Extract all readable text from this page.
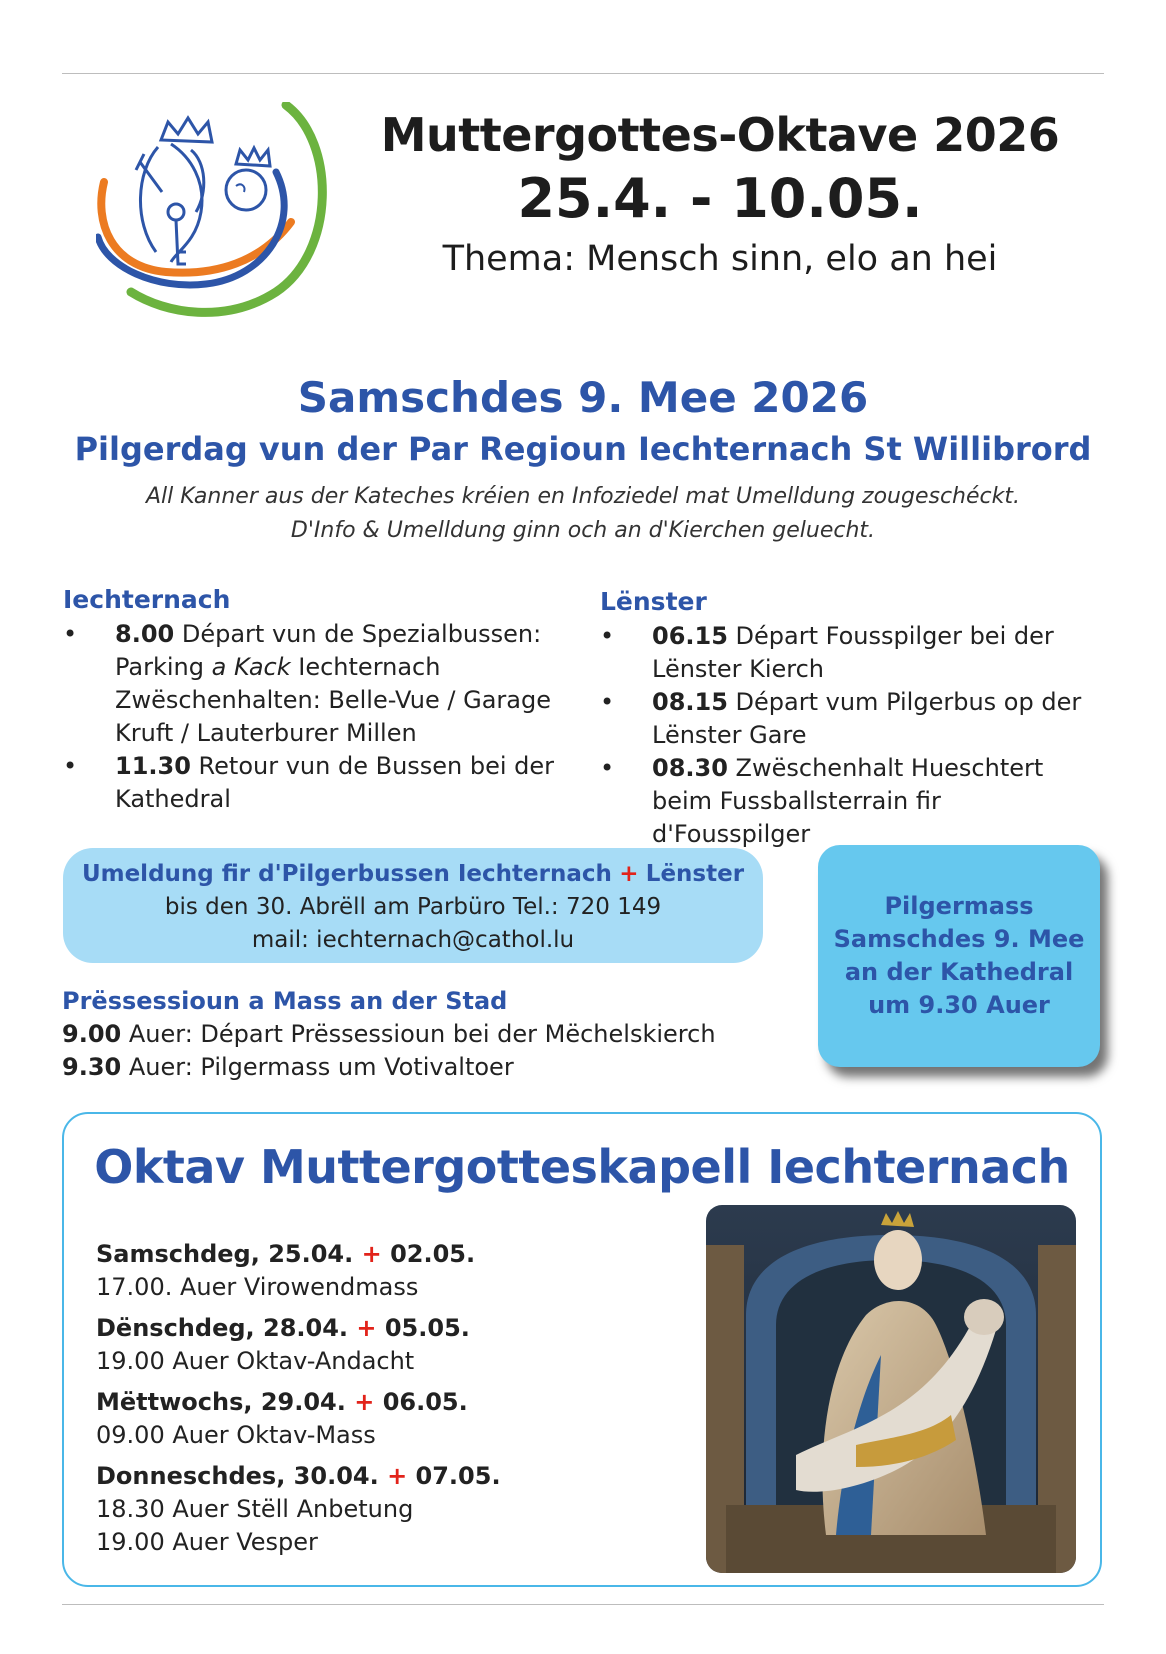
Muttergottes-Oktave 2026
25.4. - 10.05.
Thema: Mensch sinn, elo an hei
Samschdes 9. Mee 2026
Pilgerdag vun der Par Regioun Iechternach St Willibrord
All Kanner aus der Kateches kréien en Infoziedel mat Umelldung zougeschéckt.
D'Info & Umelldung ginn och an d'Kierchen geluecht.
Iechternach
• 8.00 Départ vun de Spezialbussen: Parking a Kack Iechternach Zwëschenhalten: Belle-Vue / Garage Kruft / Lauterburer Millen
• 11.30 Retour vun de Bussen bei der Kathedral
Lënster
• 06.15 Départ Fousspilger bei der Lënster Kierch
• 08.15 Départ vum Pilgerbus op der Lënster Gare
• 08.30 Zwëschenhalt Hueschtert beim Fussballsterrain fir d'Fousspilger
Umeldung fir d'Pilgerbussen Iechternach + Lënster
bis den 30. Abrëll am Parbüro Tel.: 720 149
mail: iechternach@cathol.lu
Pilgermass
Samschdes 9. Mee
an der Kathedral
um 9.30 Auer
Prëssessioun a Mass an der Stad
9.00 Auer: Départ Prëssessioun bei der Mëchelskierch
9.30 Auer: Pilgermass um Votivaltoer
Oktav Muttergotteskapell Iechternach
Samschdeg, 25.04. + 02.05.
17.00. Auer Virowendmass
Dënschdeg, 28.04. + 05.05.
19.00 Auer Oktav-Andacht
Mëttwochs, 29.04. + 06.05.
09.00 Auer Oktav-Mass
Donneschdes, 30.04. + 07.05.
18.30 Auer Stëll Anbetung
19.00 Auer Vesper
